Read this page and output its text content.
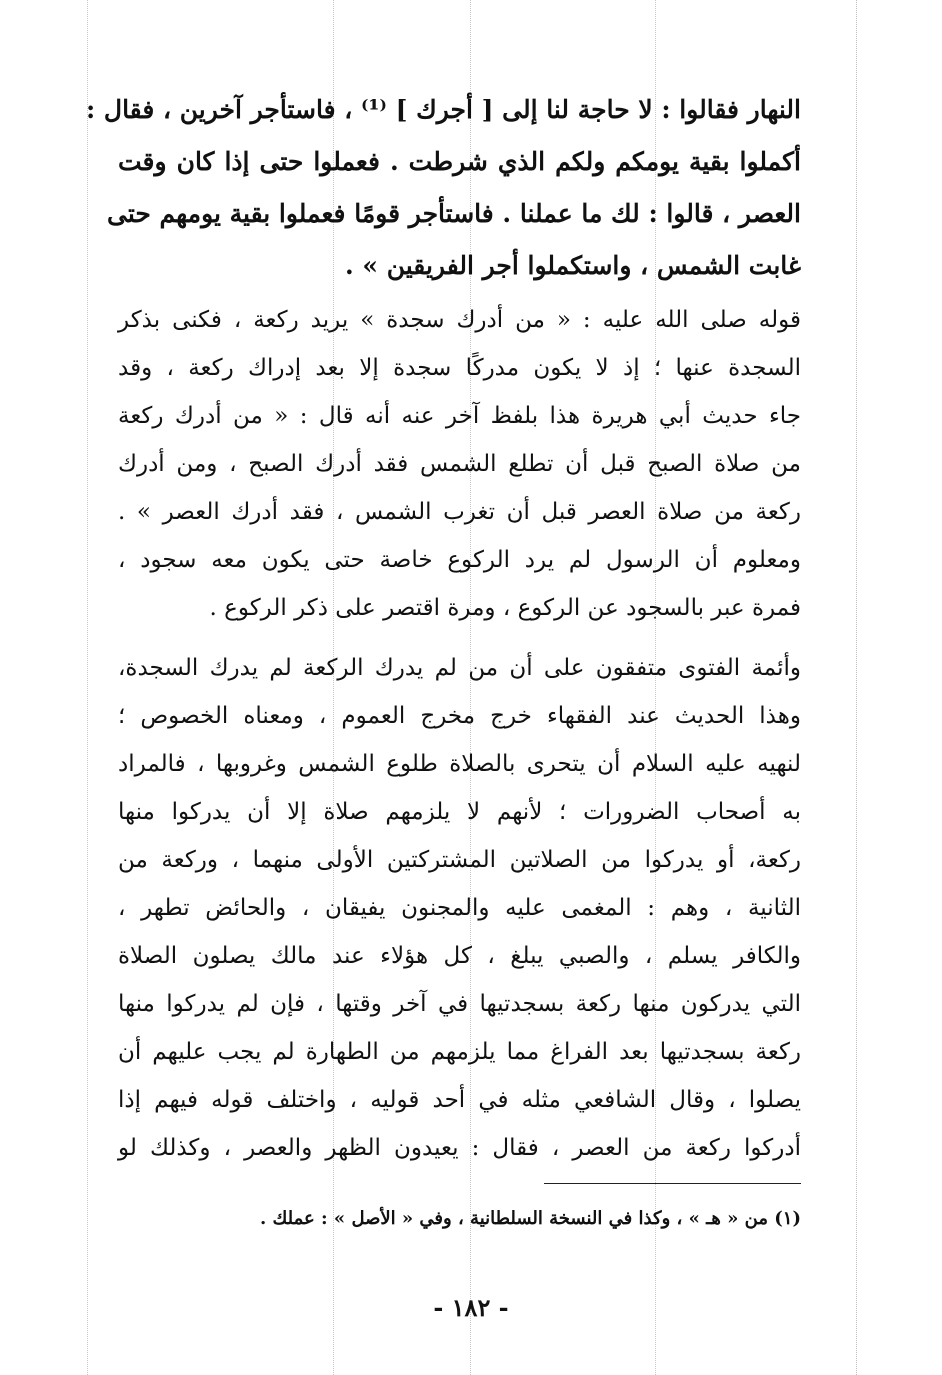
النهار فقالوا : لا حاجة لنا إلى [ أجرك ] ⁽¹⁾ ، فاستأجر آخرين ، فقال :
أكملوا بقية يومكم ولكم الذي شرطت . فعملوا حتى إذا كان وقت
العصر ، قالوا : لك ما عملنا . فاستأجر قومًا فعملوا بقية يومهم حتى
غابت الشمس ، واستكملوا أجر الفريقين » .
قوله صلى الله عليه : « من أدرك سجدة » يريد ركعة ، فكنى بذكر
السجدة عنها ؛ إذ لا يكون مدركًا سجدة إلا بعد إدراك ركعة ، وقد
جاء حديث أبي هريرة هذا بلفظ آخر عنه أنه قال : « من أدرك ركعة
من صلاة الصبح قبل أن تطلع الشمس فقد أدرك الصبح ، ومن أدرك
ركعة من صلاة العصر قبل أن تغرب الشمس ، فقد أدرك العصر » .
ومعلوم أن الرسول لم يرد الركوع خاصة حتى يكون معه سجود ،
فمرة عبر بالسجود عن الركوع ، ومرة اقتصر على ذكر الركوع .
وأئمة الفتوى متفقون على أن من لم يدرك الركعة لم يدرك السجدة،
وهذا الحديث عند الفقهاء خرج مخرج العموم ، ومعناه الخصوص ؛
لنهيه عليه السلام أن يتحرى بالصلاة طلوع الشمس وغروبها ، فالمراد
به أصحاب الضرورات ؛ لأنهم لا يلزمهم صلاة إلا أن يدركوا منها
ركعة، أو يدركوا من الصلاتين المشتركتين الأولى منهما ، وركعة من
الثانية ، وهم : المغمى عليه والمجنون يفيقان ، والحائض تطهر ،
والكافر يسلم ، والصبي يبلغ ، كل هؤلاء عند مالك يصلون الصلاة
التي يدركون منها ركعة بسجدتيها في آخر وقتها ، فإن لم يدركوا منها
ركعة بسجدتيها بعد الفراغ مما يلزمهم من الطهارة لم يجب عليهم أن
يصلوا ، وقال الشافعي مثله في أحد قوليه ، واختلف قوله فيهم إذا
أدركوا ركعة من العصر ، فقال : يعيدون الظهر والعصر ، وكذلك لو
(١) من « هـ » ، وكذا في النسخة السلطانية ، وفي « الأصل » : عملك .
- ١٨٢ -
